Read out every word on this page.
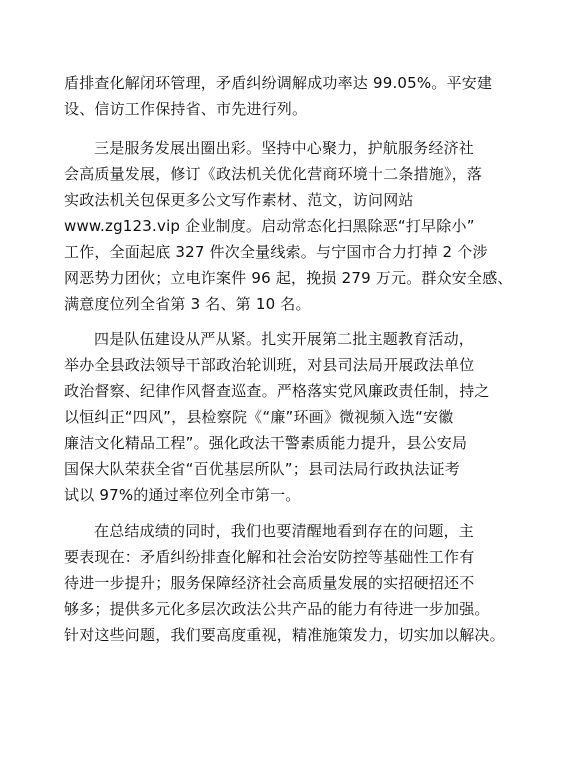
盾排查化解闭环管理，矛盾纠纷调解成功率达 99.05%。平安建
设、信访工作保持省、市先进行列。
三是服务发展出圈出彩。坚持中心聚力，护航服务经济社
会高质量发展，修订《政法机关优化营商环境十二条措施》，落
实政法机关包保更多公文写作素材、范文，访问网站
www.zg123.vip 企业制度。启动常态化扫黑除恶“打早除小”
工作，全面起底 327 件次全量线索。与宁国市合力打掉 2 个涉
网恶势力团伙；立电诈案件 96 起，挽损 279 万元。群众安全感、
满意度位列全省第 3 名、第 10 名。
四是队伍建设从严从紧。扎实开展第二批主题教育活动，
举办全县政法领导干部政治轮训班，对县司法局开展政法单位
政治督察、纪律作风督查巡查。严格落实党风廉政责任制，持之
以恒纠正“四风”，县检察院《“廉”环画》微视频入选“安徽
廉洁文化精品工程”。强化政法干警素质能力提升，县公安局
国保大队荣获全省“百优基层所队”；县司法局行政执法证考
试以 97%的通过率位列全市第一。
在总结成绩的同时，我们也要清醒地看到存在的问题，主
要表现在：矛盾纠纷排查化解和社会治安防控等基础性工作有
待进一步提升；服务保障经济社会高质量发展的实招硬招还不
够多；提供多元化多层次政法公共产品的能力有待进一步加强。
针对这些问题，我们要高度重视，精准施策发力，切实加以解决。
